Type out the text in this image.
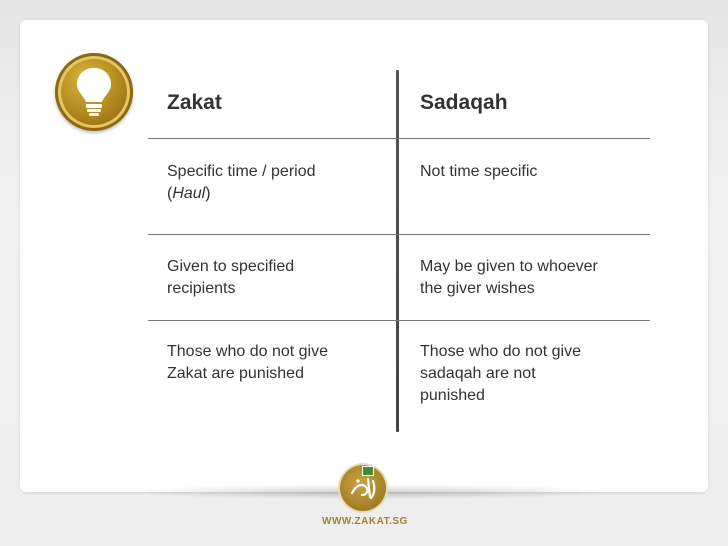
Zakat	Sadaqah
Specific time / period
(Haul)
Not time specific
Given to specified
recipients
May be given to whoever
the giver wishes
Those who do not give
Zakat are punished
Those who do not give
sadaqah are not
punished
WWW.ZAKAT.SG
